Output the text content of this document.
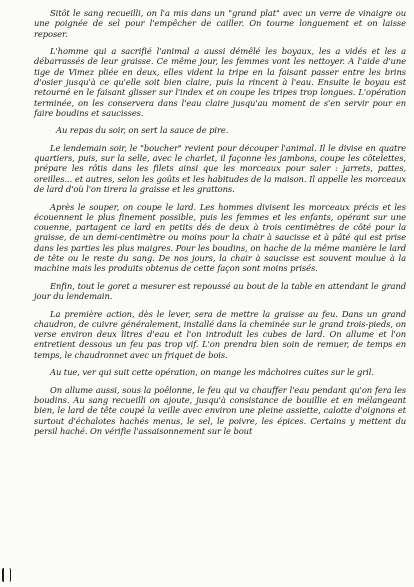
Sitôt le sang recueilli, on l'a mis dans un "grand plat" avec un verre de vinaigre ou une poignée de sel pour l'empêcher de cailler. On tourne longuement et on laisse reposer.

L'homme qui a sacrifié l'animal a aussi démêlé les boyaux, les a vidés et les a débarrassés de leur graisse. Ce même jour, les femmes vont les nettoyer. A l'aide d'une tige de Vimez pliée en deux, elles vident la tripe en la faisant passer entre les brins d'osier jusqu'à ce qu'elle soit bien claire, puis la rincent à l'eau. Ensuite le boyau est retourné en le faisant glisser sur l'index et on coupe les tripes trop longues. L'opération terminée, on les conservera dans l'eau claire jusqu'au moment de s'en servir pour en faire boudins et saucisses.

Au repas du soir, on sert la sauce de pire.

Le lendemain soir, le "boucher" revient pour découper l'animal. Il le divise en quatre quartiers, puis, sur la selle, avec le charlet, il façonne les jambons, coupe les côtelettes, prépare les rôtis dans les filets ainsi que les morceaux pour saler : jarrets, pattes, oreilles... et autres, selon les goûts et les habitudes de la maison. Il appelle les morceaux de lard d'où l'on tirera la graisse et les grattons.

Après le souper, on coupe le lard. Les hommes divisent les morceaux précis et les écouennent le plus finement possible, puis les femmes et les enfants, opérant sur une couenne, partagent ce lard en petits dés de deux à trois centimètres de côté pour la graisse, de un demi-centimètre ou moins pour la chair à saucisse et à pâté qui est prise dans les parties les plus maigres. Pour les boudins, on hache de la même manière le lard de tête ou le reste du sang. De nos jours, la chair à saucisse est souvent moulue à la machine mais les produits obtenus de cette façon sont moins prisés.

Enfin, tout le goret a mesurer est repoussé au bout de la table en attendant le grand jour du lendemain.

La première action, dès le lever, sera de mettre la graisse au feu. Dans un grand chaudron, de cuivre généralement, installé dans la cheminée sur le grand trois-pieds, on verse environ deux litres d'eau et l'on introduit les cubes de lard. On allume et l'on entretient dessous un feu pas trop vif. L'on prendra bien soin de remuer, de temps en temps, le chaudronnet avec un friquet de bois.

Au tue, ver qui suit cette opération, on mange les mâchoires cuites sur le gril.

On allume aussi, sous la poêlonne, le feu qui va chauffer l'eau pendant qu'on fera les boudins. Au sang recueilli on ajoute, jusqu'à consistance de bouillie et en mélangeant bien, le lard de tête coupé la veille avec environ une pleine assiette, calotte d'oignons et surtout d'échalotes hachés menus, le sel, le poivre, les épices. Certains y mettent du persil haché. On vérifie l'assaisonnement sur le bout
